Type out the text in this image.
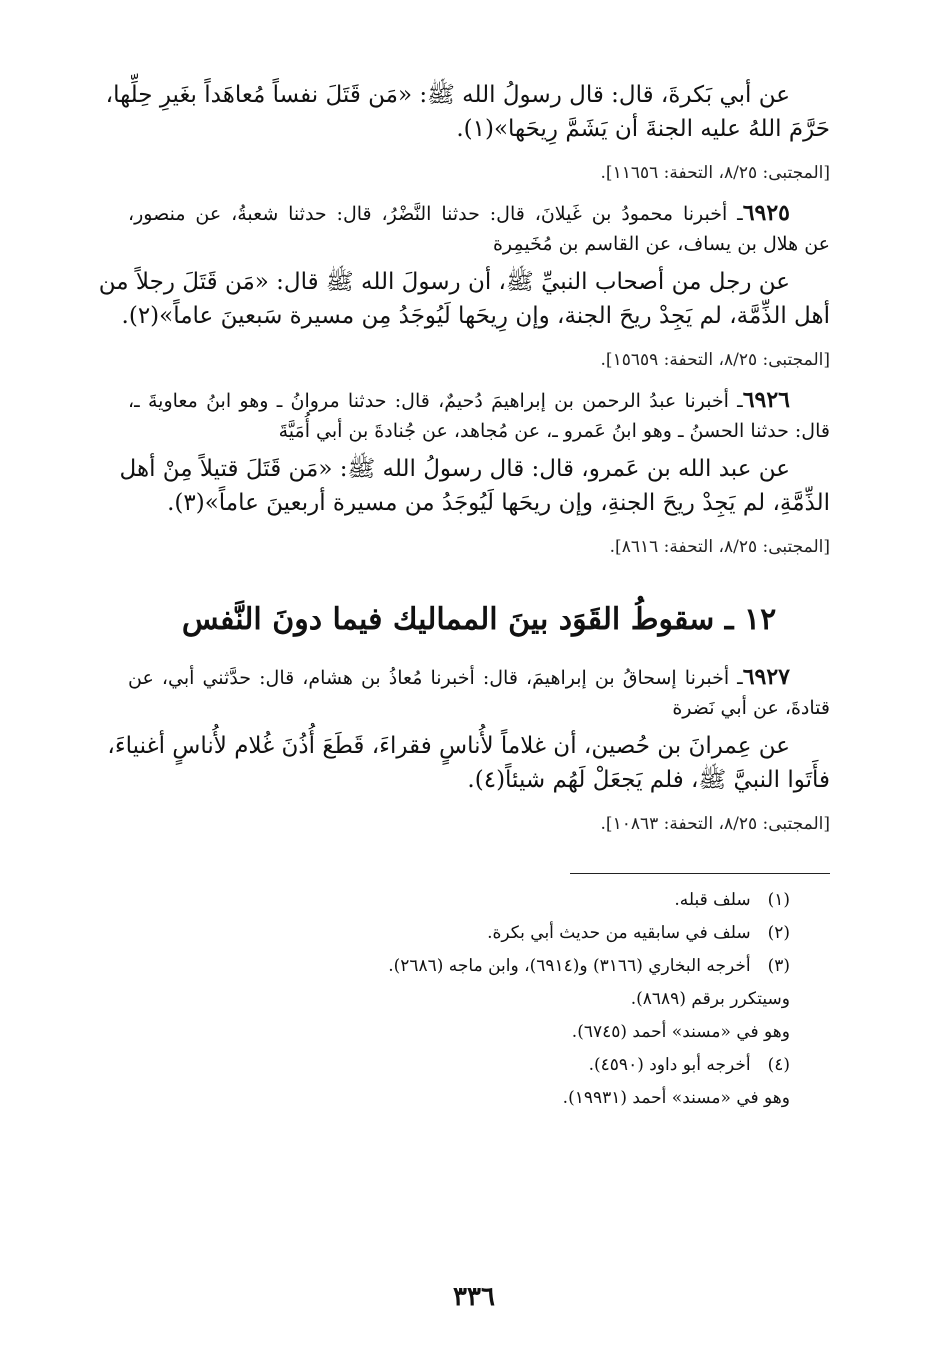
عن أبي بَكرةَ، قال: قال رسولُ الله ﷺ: «مَن قَتَلَ نفساً مُعاهَداً بغَيرِ حِلِّها،
حَرَّمَ اللهُ عليه الجنةَ أن يَشَمَّ رِيحَها»(١).
[المجتبى: ٨/٢٥، التحفة: ١١٦٥٦].
٦٩٢٥ـ أخبرنا محمودُ بن غَيلانَ، قال: حدثنا النَّضْرُ، قال: حدثنا شعبةُ، عن منصور،
عن هلال بن يساف، عن القاسم بن مُخَيمِرة
عن رجل من أصحاب النبيِّ ﷺ، أن رسولَ الله ﷺ قال: «مَن قَتَلَ رجلاً من
أهل الذِّمَّة، لم يَجِدْ ريحَ الجنة، وإن رِيحَها لَيُوجَدُ مِن مسيرة سَبعينَ عاماً»(٢).
[المجتبى: ٨/٢٥، التحفة: ١٥٦٥٩].
٦٩٢٦ـ أخبرنا عبدُ الرحمن بن إبراهيمَ دُحيمٌ، قال: حدثنا مروانُ ـ وهو ابنُ معاويةَ ـ،
قال: حدثنا الحسنُ ـ وهو ابنُ عَمرو ـ، عن مُجاهد، عن جُنادةَ بن أبي أُمَيَّةَ
عن عبد الله بن عَمرو، قال: قال رسولُ الله ﷺ: «مَن قَتَلَ قتيلاً مِنْ أهل
الذِّمَّةِ، لم يَجِدْ ريحَ الجنةِ، وإن ريحَها لَيُوجَدُ من مسيرة أربعينَ عاماً»(٣).
[المجتبى: ٨/٢٥، التحفة: ٨٦١٦].
١٢ ـ سقوطُ القَوَد بينَ المماليك فيما دونَ النَّفس
٦٩٢٧ـ أخبرنا إسحاقُ بن إبراهيمَ، قال: أخبرنا مُعاذُ بن هشام، قال: حدَّثني أبي، عن
قتادةَ، عن أبي نَضرة
عن عِمرانَ بن حُصين، أن غلاماً لأُناسٍ فقراءَ، قَطَعَ أُذُنَ غُلام لأُناسٍ أغنياءَ،
فأَتَوا النبيَّ ﷺ، فلم يَجعَلْ لَهُم شيئاً(٤).
[المجتبى: ٨/٢٥، التحفة: ١٠٨٦٣].
(١) سلف قبله.
(٢) سلف في سابقيه من حديث أبي بكرة.
(٣) أخرجه البخاري (٣١٦٦) و(٦٩١٤)، وابن ماجه (٢٦٨٦).
وسيتكرر برقم (٨٦٨٩).
وهو في «مسند» أحمد (٦٧٤٥).
(٤) أخرجه أبو داود (٤٥٩٠).
وهو في «مسند» أحمد (١٩٩٣١).
٣٣٦
